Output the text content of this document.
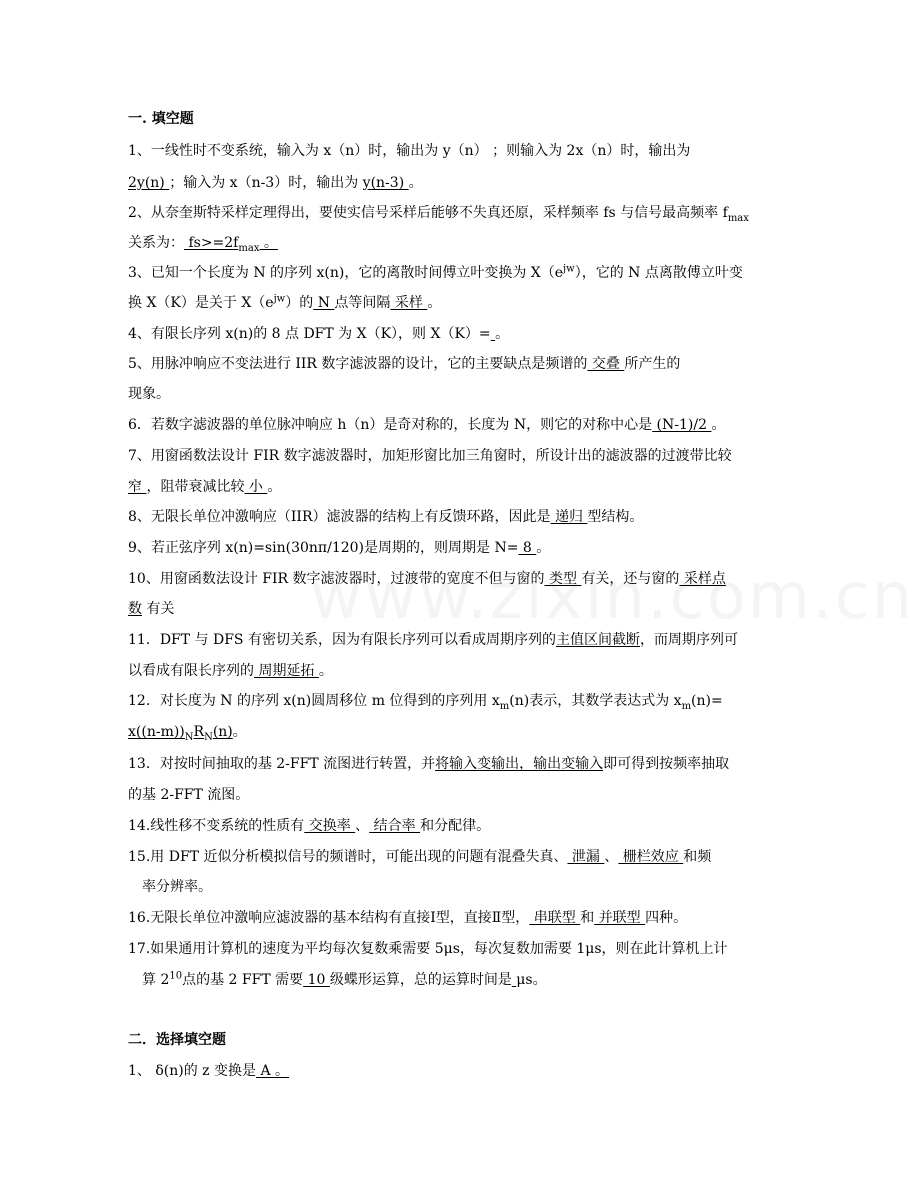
一. 填空题
1、一线性时不变系统，输入为 x（n）时，输出为 y（n） ；则输入为 2x（n）时，输出为
2y(n) ；输入为 x（n-3）时，输出为 y(n-3) 。
2、从奈奎斯特采样定理得出，要使实信号采样后能够不失真还原，采样频率 fs 与信号最高频率 $f_{max}$
关系为： $fs>=2f_{max}$ 。
3、已知一个长度为 N 的序列 x(n)，它的离散时间傅立叶变换为 $X(e^{jw})$，它的 N 点离散傅立叶变
换 X（K）是关于 $X(e^{jw})$的 N 点等间隔 采样 。
4、有限长序列 x(n)的 8 点 DFT 为 X（K），则 X（K）= 。
5、用脉冲响应不变法进行 IIR 数字滤波器的设计，它的主要缺点是频谱的 交叠 所产生的
现象。
6．若数字滤波器的单位脉冲响应 h（n）是奇对称的，长度为 N，则它的对称中心是 (N-1)/2 。
7、用窗函数法设计 FIR 数字滤波器时，加矩形窗比加三角窗时，所设计出的滤波器的过渡带比较
窄 ，阻带衰减比较 小 。
8、无限长单位冲激响应（IIR）滤波器的结构上有反馈环路，因此是 递归 型结构。
9、若正弦序列 x(n)=sin(30nπ/120)是周期的，则周期是 N= 8 。
10、用窗函数法设计 FIR 数字滤波器时，过渡带的宽度不但与窗的 类型 有关，还与窗的 采样点
数 有关
11．DFT 与 DFS 有密切关系，因为有限长序列可以看成周期序列的主值区间截断，而周期序列可
以看成有限长序列的 周期延拓 。
12．对长度为 N 的序列 x(n)圆周移位 m 位得到的序列用 $x_m(n)$表示，其数学表达式为 $x_m(n)=$
$x((n-m))_NR_N(n)$。
13．对按时间抽取的基 2-FFT 流图进行转置，并将输入变输出，输出变输入即可得到按频率抽取
的基 2-FFT 流图。
14.线性移不变系统的性质有 交换率 、 结合率 和分配律。
15.用 DFT 近似分析模拟信号的频谱时，可能出现的问题有混叠失真、 泄漏 、 栅栏效应 和频
率分辨率。
16.无限长单位冲激响应滤波器的基本结构有直接Ⅰ型，直接Ⅱ型， 串联型 和 并联型 四种。
17.如果通用计算机的速度为平均每次复数乘需要 5μs，每次复数加需要 1μs，则在此计算机上计
算 $2^{10}$点的基 2 FFT 需要 10 级蝶形运算，总的运算时间是 μs。
二．选择填空题
1、 δ(n)的 z 变换是 A 。
